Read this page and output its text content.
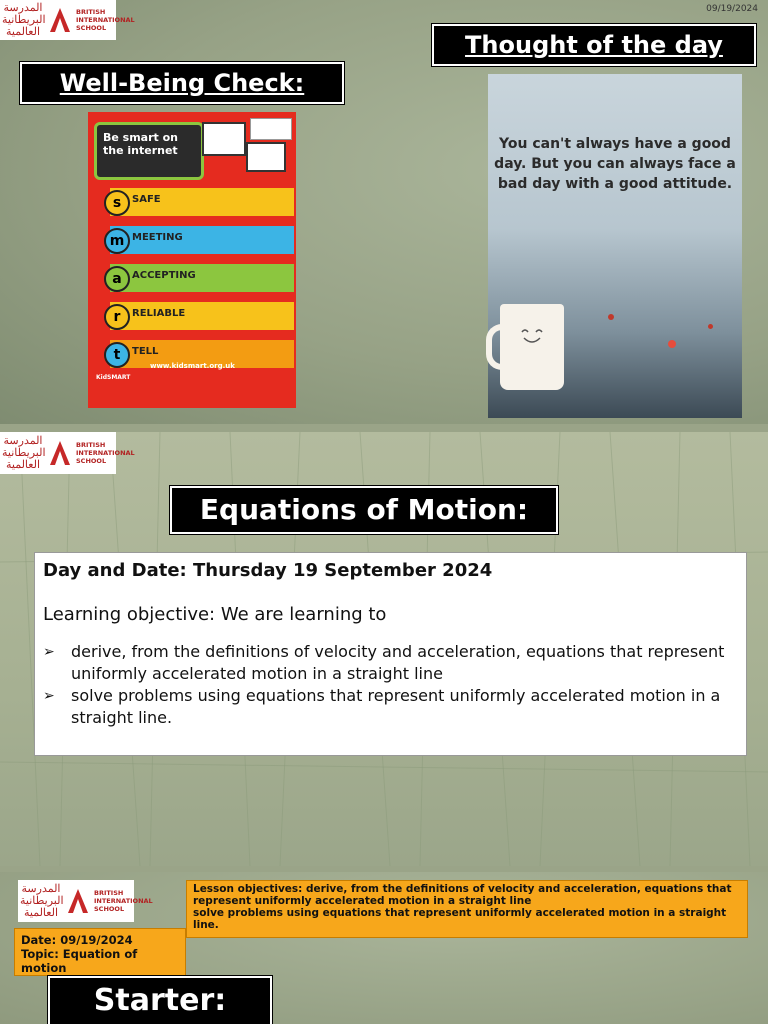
09/19/2024
المدرسة البريطانية العالمية
BRITISH INTERNATIONAL SCHOOL
Well-Being Check:
Thought of the day
Be smart on the internet
s	SAFE
m MEETING
a	ACCEPTING
r	RELIABLE
t	TELL
KidSMART
www.kidsmart.org.uk
You can't always have a good day. But you can always face a bad day with a good attitude.
المدرسة البريطانية العالمية
BRITISH INTERNATIONAL SCHOOL
Equations of Motion:
Day and Date: Thursday 19 September 2024
Learning objective: We are learning to
➢	derive, from the definitions of velocity and acceleration, equations that represent uniformly accelerated motion in a straight line
➢	solve problems using equations that represent uniformly accelerated motion in a straight line.
المدرسة البريطانية العالمية
BRITISH INTERNATIONAL SCHOOL
Lesson objectives: derive, from the definitions of velocity and acceleration, equations that represent uniformly accelerated motion in a straight line
solve problems using equations that represent uniformly accelerated motion in a straight line.
Date: 09/19/2024
Topic: Equation of motion
Starter:
